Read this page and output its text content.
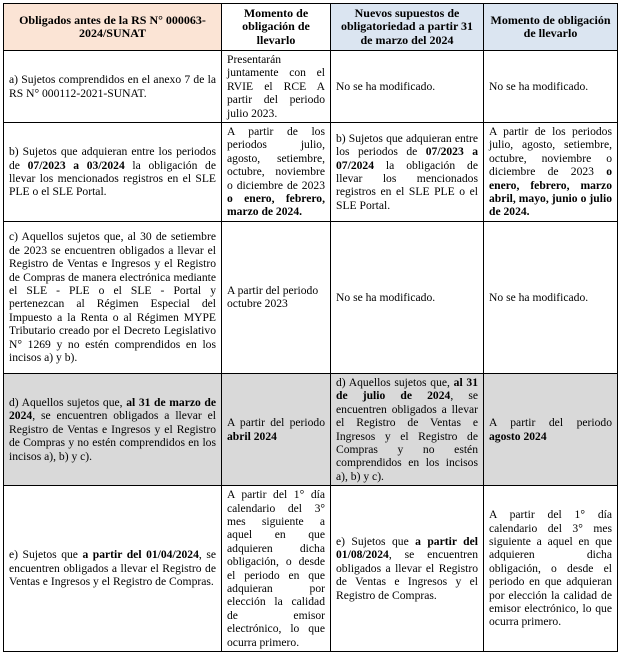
Obligados antes de la RS N° 000063-2024/SUNAT	Momento de obligación de llevarlo	Nuevos supuestos de obligatoriedad a partir 31 de marzo del 2024	Momento de obligación de llevarlo
a) Sujetos comprendidos en el anexo 7 de la RS N° 000112-2021-SUNAT.	Presentarán juntamente con el RVIE el RCE A partir del periodo julio 2023.	No se ha modificado.	No se ha modificado.
b) Sujetos que adquieran entre los periodos de 07/2023 a 03/2024 la obligación de llevar los mencionados registros en el SLE PLE o el SLE Portal.	A partir de los periodos julio, agosto, setiembre, octubre, noviembre o diciembre de 2023 o enero, febrero, marzo de 2024.	b) Sujetos que adquieran entre los periodos de 07/2023 a 07/2024 la obligación de llevar los mencionados registros en el SLE PLE o el SLE Portal.	A partir de los periodos julio, agosto, setiembre, octubre, noviembre o diciembre de 2023 o enero, febrero, marzo abril, mayo, junio o julio de 2024.
c) Aquellos sujetos que, al 30 de setiembre de 2023 se encuentren obligados a llevar el Registro de Ventas e Ingresos y el Registro de Compras de manera electrónica mediante el SLE - PLE o el SLE - Portal y pertenezcan al Régimen Especial del Impuesto a la Renta o al Régimen MYPE Tributario creado por el Decreto Legislativo N° 1269 y no estén comprendidos en los incisos a) y b).	A partir del periodo octubre 2023	No se ha modificado.	No se ha modificado.
d) Aquellos sujetos que, al 31 de marzo de 2024, se encuentren obligados a llevar el Registro de Ventas e Ingresos y el Registro de Compras y no estén comprendidos en los incisos a), b) y c).	A partir del periodo abril 2024	d) Aquellos sujetos que, al 31 de julio de 2024, se encuentren obligados a llevar el Registro de Ventas e Ingresos y el Registro de Compras y no estén comprendidos en los incisos a), b) y c).	A partir del periodo agosto 2024
e) Sujetos que a partir del 01/04/2024, se encuentren obligados a llevar el Registro de Ventas e Ingresos y el Registro de Compras.	A partir del 1° día calendario del 3° mes siguiente a aquel en que adquieren dicha obligación, o desde el periodo en que adquieran por elección la calidad de emisor electrónico, lo que ocurra primero.	e) Sujetos que a partir del 01/08/2024, se encuentren obligados a llevar el Registro de Ventas e Ingresos y el Registro de Compras.	A partir del 1° día calendario del 3° mes siguiente a aquel en que adquieren dicha obligación, o desde el periodo en que adquieran por elección la calidad de emisor electrónico, lo que ocurra primero.
